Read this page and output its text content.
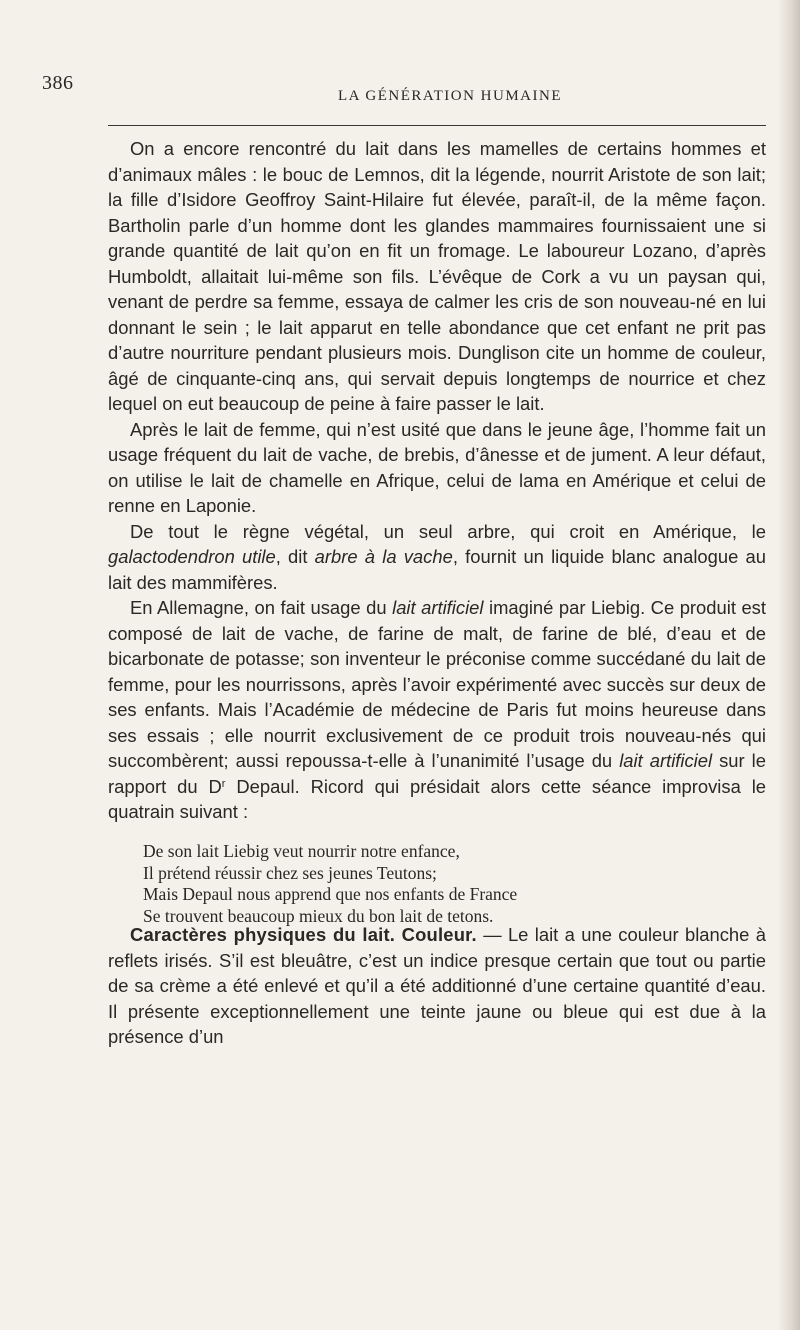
386
LA GÉNÉRATION HUMAINE

On a encore rencontré du lait dans les mamelles de certains hommes et d’animaux mâles : le bouc de Lemnos, dit la légende, nourrit Aristote de son lait; la fille d’Isidore Geoffroy Saint-Hilaire fut élevée, paraît-il, de la même façon. Bartholin parle d’un homme dont les glandes mammaires fournissaient une si grande quantité de lait qu’on en fit un fromage. Le laboureur Lozano, d’après Humboldt, allaitait lui-même son fils. L’évêque de Cork a vu un paysan qui, venant de perdre sa femme, essaya de calmer les cris de son nouveau-né en lui donnant le sein ; le lait apparut en telle abondance que cet enfant ne prit pas d’autre nourriture pendant plusieurs mois. Dunglison cite un homme de couleur, âgé de cinquante-cinq ans, qui servait depuis longtemps de nourrice et chez lequel on eut beaucoup de peine à faire passer le lait.

Après le lait de femme, qui n’est usité que dans le jeune âge, l’homme fait un usage fréquent du lait de vache, de brebis, d’ânesse et de jument. A leur défaut, on utilise le lait de chamelle en Afrique, celui de lama en Amérique et celui de renne en Laponie.

De tout le règne végétal, un seul arbre, qui croit en Amérique, le galactodendron utile, dit arbre à la vache, fournit un liquide blanc analogue au lait des mammifères.

En Allemagne, on fait usage du lait artificiel imaginé par Liebig. Ce produit est composé de lait de vache, de farine de malt, de farine de blé, d’eau et de bicarbonate de potasse; son inventeur le préconise comme succédané du lait de femme, pour les nourrissons, après l’avoir expérimenté avec succès sur deux de ses enfants. Mais l’Académie de médecine de Paris fut moins heureuse dans ses essais ; elle nourrit exclusivement de ce produit trois nouveau-nés qui succombèrent; aussi repoussa-t-elle à l’unanimité l’usage du lait artificiel sur le rapport du $D^r$ Depaul. Ricord qui présidait alors cette séance improvisa le quatrain suivant :

De son lait Liebig veut nourrir notre enfance,
Il prétend réussir chez ses jeunes Teutons;
Mais Depaul nous apprend que nos enfants de France
Se trouvent beaucoup mieux du bon lait de tetons.

Caractères physiques du lait. Couleur. — Le lait a une couleur blanche à reflets irisés. S’il est bleuâtre, c’est un indice presque certain que tout ou partie de sa crème a été enlevé et qu’il a été additionné d’une certaine quantité d’eau. Il présente exceptionnellement une teinte jaune ou bleue qui est due à la présence d’un
